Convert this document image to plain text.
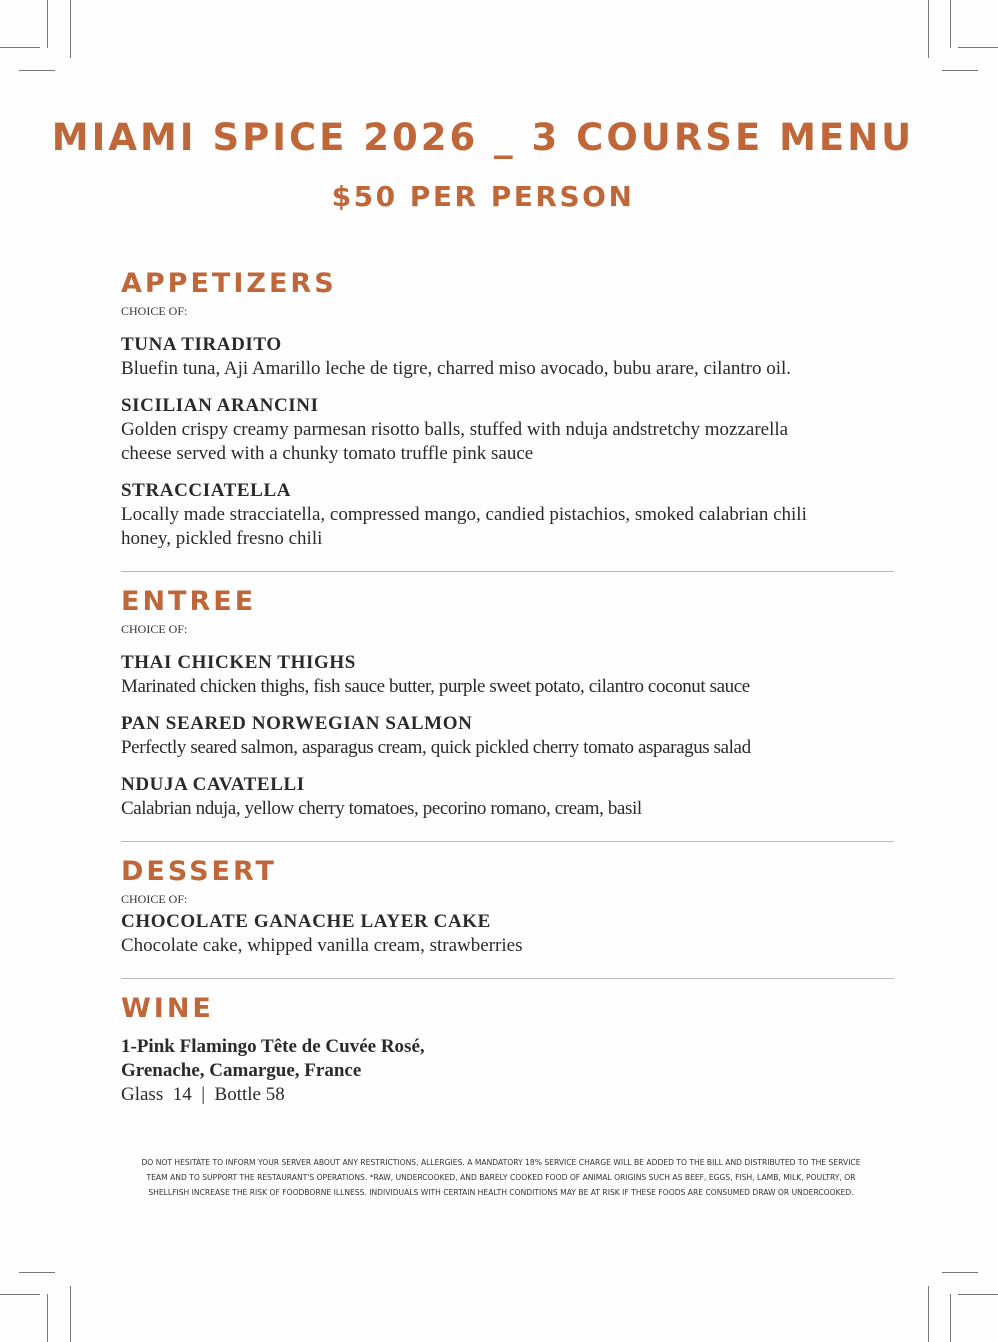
MIAMI SPICE 2026 _ 3 COURSE MENU
$50 PER PERSON
APPETIZERS

CHOICE OF:

TUNA TIRADITO

Bluefin tuna, Aji Amarillo leche de tigre, charred miso avocado, bubu arare, cilantro oil.

SICILIAN ARANCINI

Golden crispy creamy parmesan risotto balls, stuffed with nduja andstretchy mozzarella cheese served with a chunky tomato truffle pink sauce

STRACCIATELLA

Locally made stracciatella, compressed mango, candied pistachios, smoked calabrian chili honey, pickled fresno chili

ENTREE

CHOICE OF:

THAI CHICKEN THIGHS

Marinated chicken thighs, fish sauce butter, purple sweet potato, cilantro coconut sauce

PAN SEARED NORWEGIAN SALMON

Perfectly seared salmon, asparagus cream, quick pickled cherry tomato asparagus salad

NDUJA CAVATELLI

Calabrian nduja, yellow cherry tomatoes, pecorino romano, cream, basil

DESSERT

CHOICE OF:

CHOCOLATE GANACHE LAYER CAKE

Chocolate cake, whipped vanilla cream, strawberries

WINE

1-Pink Flamingo Tête de Cuvée Rosé,

Grenache, Camargue, France

Glass  14  |  Bottle 58

DO NOT HESITATE TO INFORM YOUR SERVER ABOUT ANY RESTRICTIONS, ALLERGIES. A MANDATORY 18% SERVICE CHARGE WILL BE ADDED TO THE BILL AND DISTRIBUTED TO THE SERVICE TEAM AND TO SUPPORT THE RESTAURANT'S OPERATIONS. *RAW, UNDERCOOKED, AND BARELY COOKED FOOD OF ANIMAL ORIGINS SUCH AS BEEF, EGGS, FISH, LAMB, MILK, POULTRY, OR SHELLFISH INCREASE THE RISK OF FOODBORNE ILLNESS. INDIVIDUALS WITH CERTAIN HEALTH CONDITIONS MAY BE AT RISK IF THESE FOODS ARE CONSUMED DRAW OR UNDERCOOKED.
